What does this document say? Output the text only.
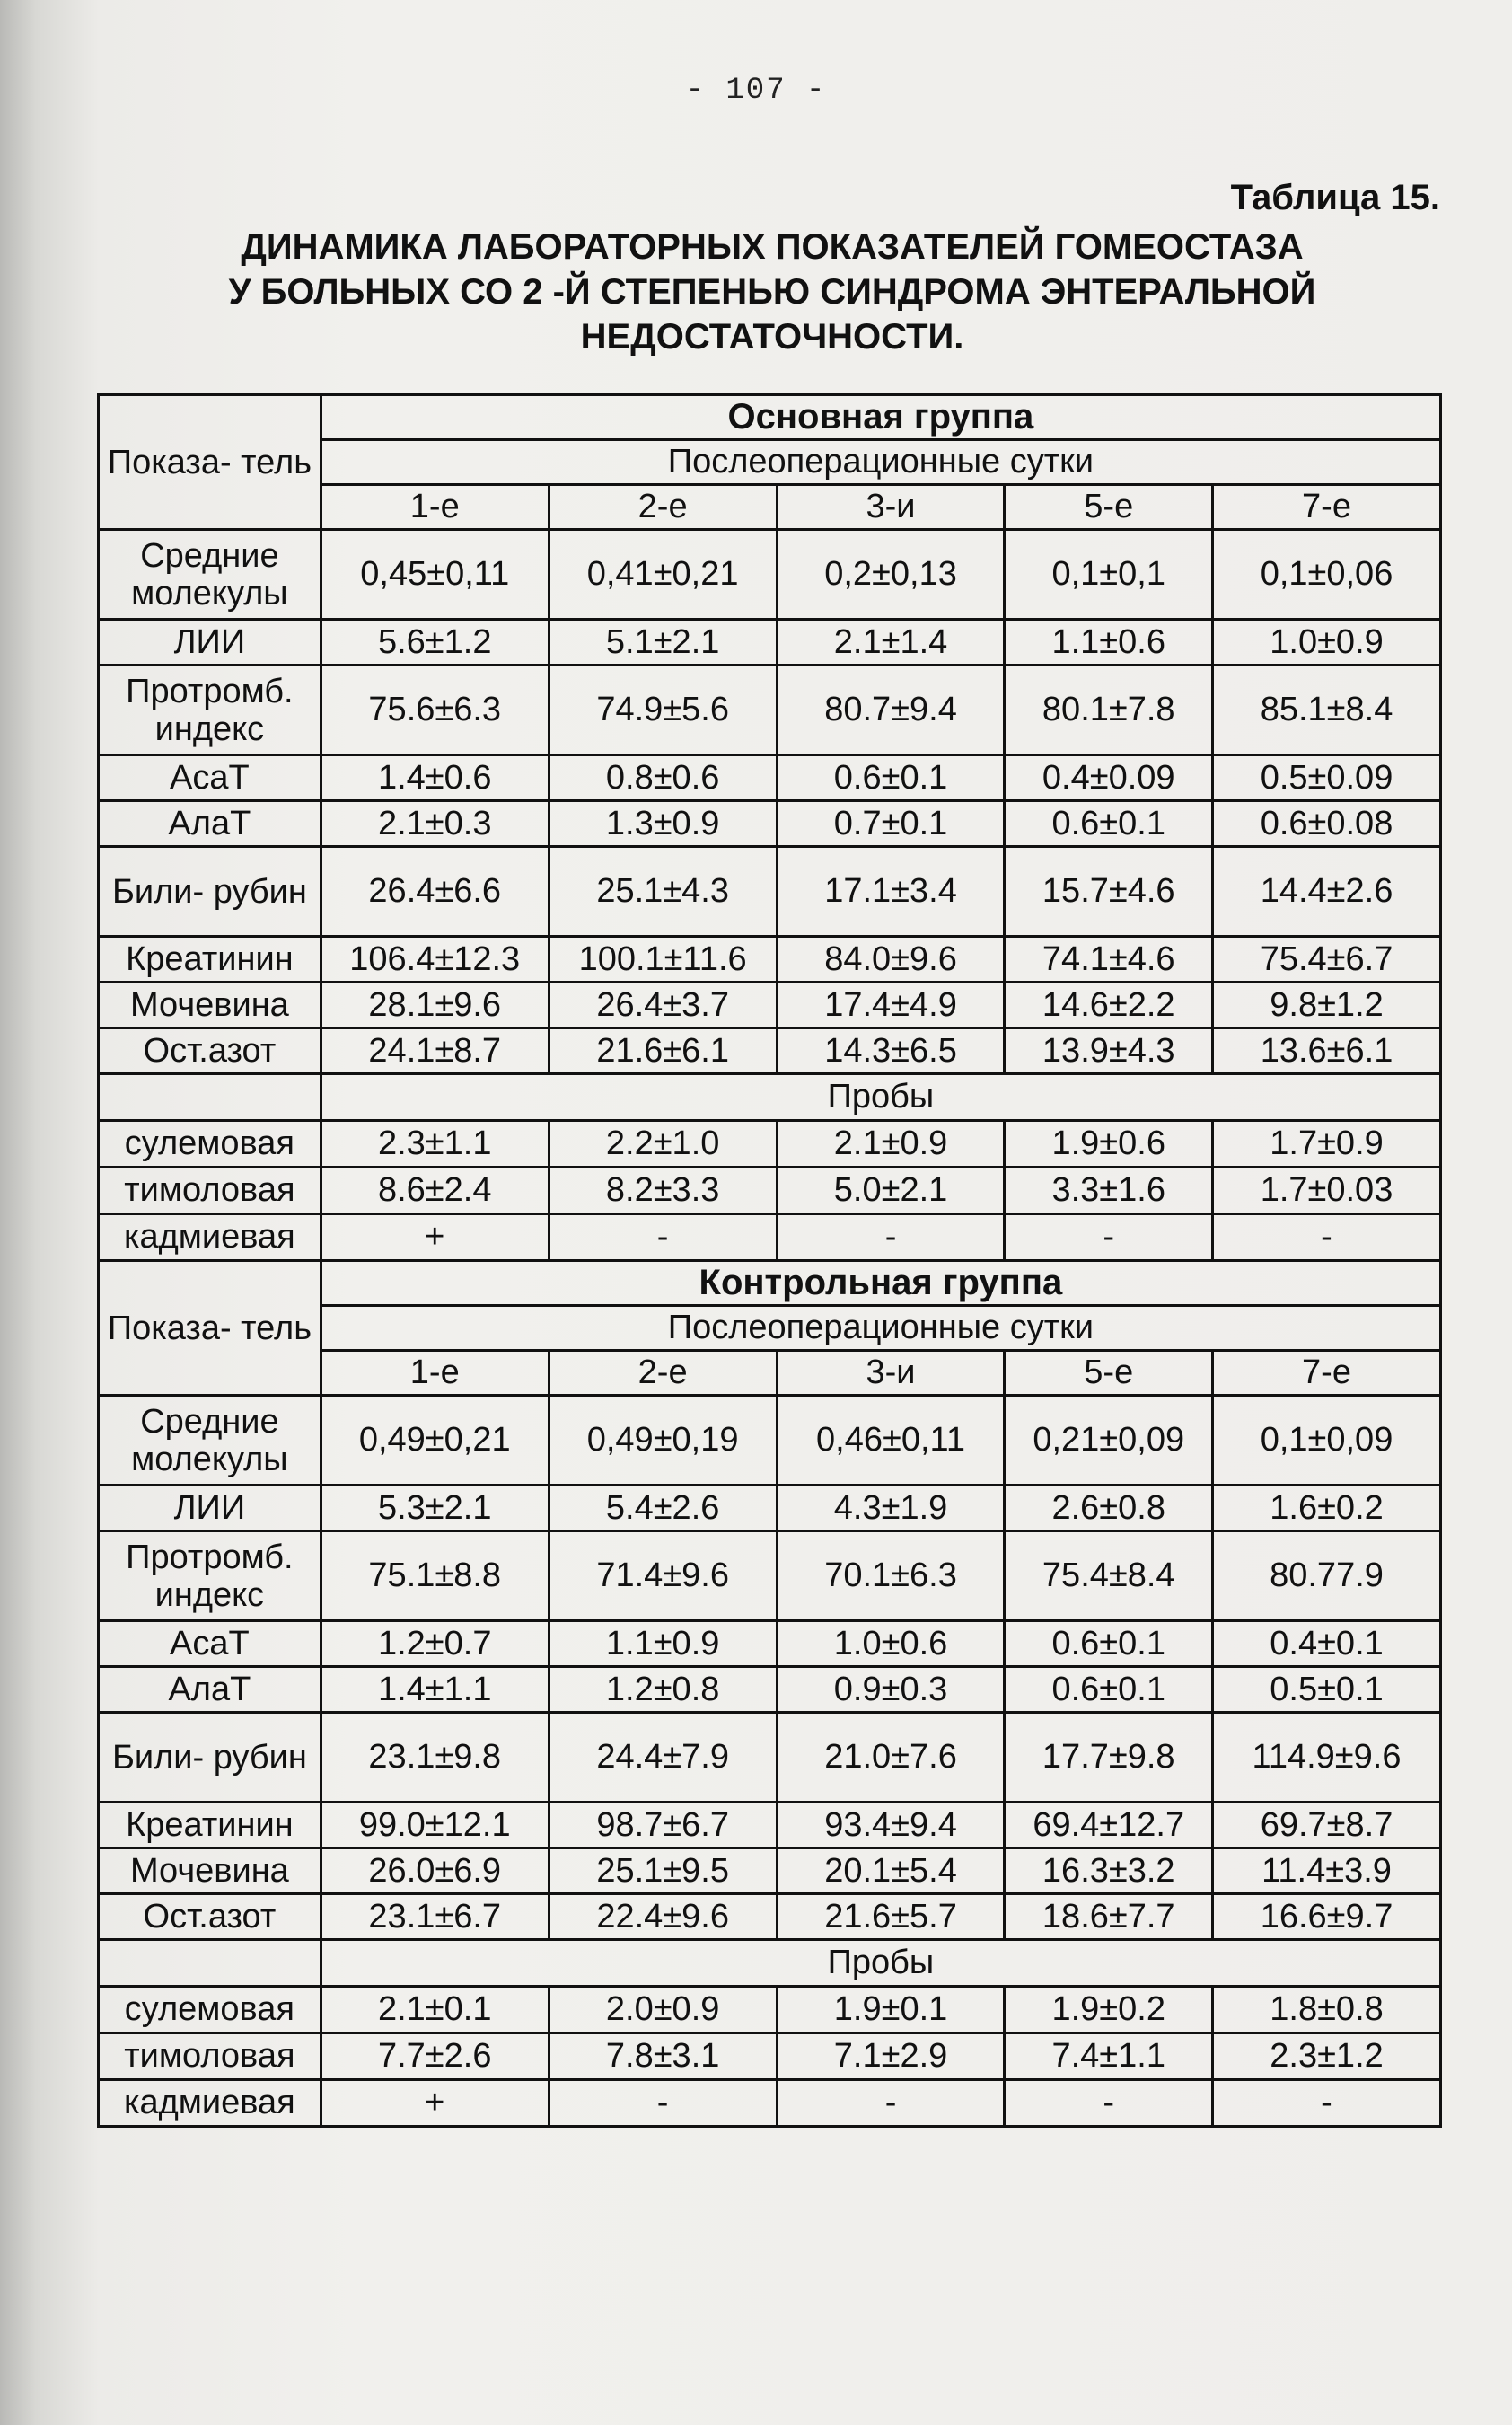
- 107 -
Таблица 15.
ДИНАМИКА ЛАБОРАТОРНЫХ ПОКАЗАТЕЛЕЙ ГОМЕОСТАЗА
У БОЛЬНЫХ СО 2 -Й СТЕПЕНЬЮ СИНДРОМА ЭНТЕРАЛЬНОЙ
НЕДОСТАТОЧНОСТИ.
Показа- тель	Основная группа				
	Послеоперационные сутки				
	1-е	2-е	3-и	5-е	7-е
Средние молекулы	0,45±0,11	0,41±0,21	0,2±0,13	0,1±0,1	0,1±0,06
ЛИИ	5.6±1.2	5.1±2.1	2.1±1.4	1.1±0.6	1.0±0.9
Протромб. индекс	75.6±6.3	74.9±5.6	80.7±9.4	80.1±7.8	85.1±8.4
АсаТ	1.4±0.6	0.8±0.6	0.6±0.1	0.4±0.09	0.5±0.09
АлаТ	2.1±0.3	1.3±0.9	0.7±0.1	0.6±0.1	0.6±0.08
Били- рубин	26.4±6.6	25.1±4.3	17.1±3.4	15.7±4.6	14.4±2.6
Креатинин	106.4±12.3	100.1±11.6	84.0±9.6	74.1±4.6	75.4±6.7
Мочевина	28.1±9.6	26.4±3.7	17.4±4.9	14.6±2.2	9.8±1.2
Ост.азот	24.1±8.7	21.6±6.1	14.3±6.5	13.9±4.3	13.6±6.1
	Пробы				
сулемовая	2.3±1.1	2.2±1.0	2.1±0.9	1.9±0.6	1.7±0.9
тимоловая	8.6±2.4	8.2±3.3	5.0±2.1	3.3±1.6	1.7±0.03
кадмиевая	+	-	-	-	-
Показа- тель	Контрольная группа				
	Послеоперационные сутки				
	1-е	2-е	3-и	5-е	7-е
Средние молекулы	0,49±0,21	0,49±0,19	0,46±0,11	0,21±0,09	0,1±0,09
ЛИИ	5.3±2.1	5.4±2.6	4.3±1.9	2.6±0.8	1.6±0.2
Протромб. индекс	75.1±8.8	71.4±9.6	70.1±6.3	75.4±8.4	80.77.9
АсаТ	1.2±0.7	1.1±0.9	1.0±0.6	0.6±0.1	0.4±0.1
АлаТ	1.4±1.1	1.2±0.8	0.9±0.3	0.6±0.1	0.5±0.1
Били- рубин	23.1±9.8	24.4±7.9	21.0±7.6	17.7±9.8	114.9±9.6
Креатинин	99.0±12.1	98.7±6.7	93.4±9.4	69.4±12.7	69.7±8.7
Мочевина	26.0±6.9	25.1±9.5	20.1±5.4	16.3±3.2	11.4±3.9
Ост.азот	23.1±6.7	22.4±9.6	21.6±5.7	18.6±7.7	16.6±9.7
	Пробы				
сулемовая	2.1±0.1	2.0±0.9	1.9±0.1	1.9±0.2	1.8±0.8
тимоловая	7.7±2.6	7.8±3.1	7.1±2.9	7.4±1.1	2.3±1.2
кадмиевая	+	-	-	-	-
